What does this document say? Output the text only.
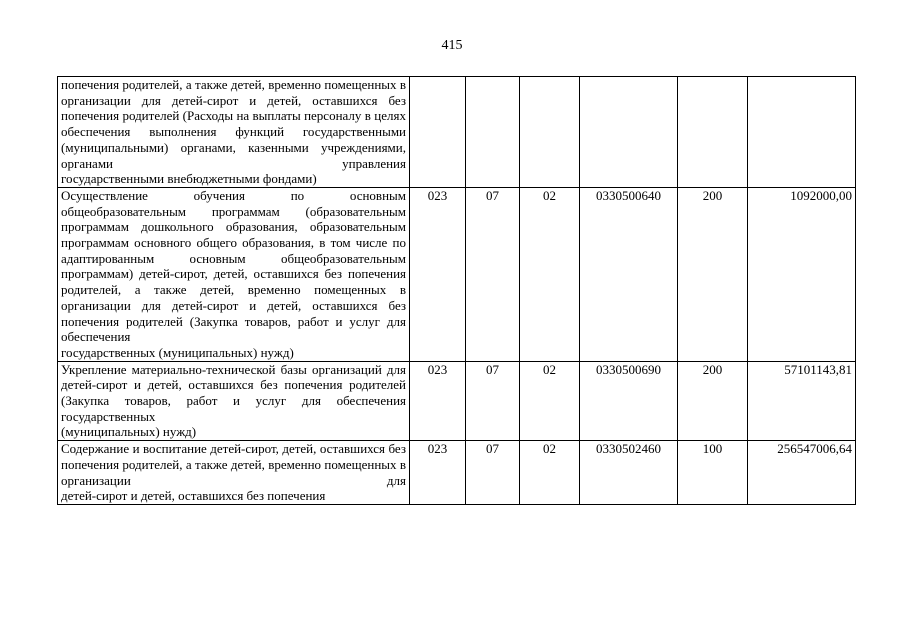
415
попечения родителей, а также детей, временно помещенных в организации для детей-сирот и детей, оставшихся без попечения родителей (Расходы на выплаты персоналу в целях обеспечения выполнения функций государственными (муниципальными) органами, казенными учреждениями, органами управления
государственными внебюджетными фондами)						

Осуществление обучения по основным общеобразовательным программам (образовательным программам дошкольного образования, образовательным программам основного общего образования, в том числе по адаптированным основным общеобразовательным программам) детей-сирот, детей, оставшихся без попечения родителей, а также детей, временно помещенных в организации для детей-сирот и детей, оставшихся без попечения родителей (Закупка товаров, работ и услуг для обеспечения
государственных (муниципальных) нужд)	023	07	02	0330500640	200	1092000,00
Укрепление материально-технической базы организаций для детей-сирот и детей, оставшихся без попечения родителей (Закупка товаров, работ и услуг для обеспечения государственных
(муниципальных) нужд)	023	07	02	0330500690	200	57101143,81
Содержание и воспитание детей-сирот, детей, оставшихся без попечения родителей, а также детей, временно помещенных в организации для
детей-сирот и детей, оставшихся без попечения	023	07	02	0330502460	100	256547006,64
